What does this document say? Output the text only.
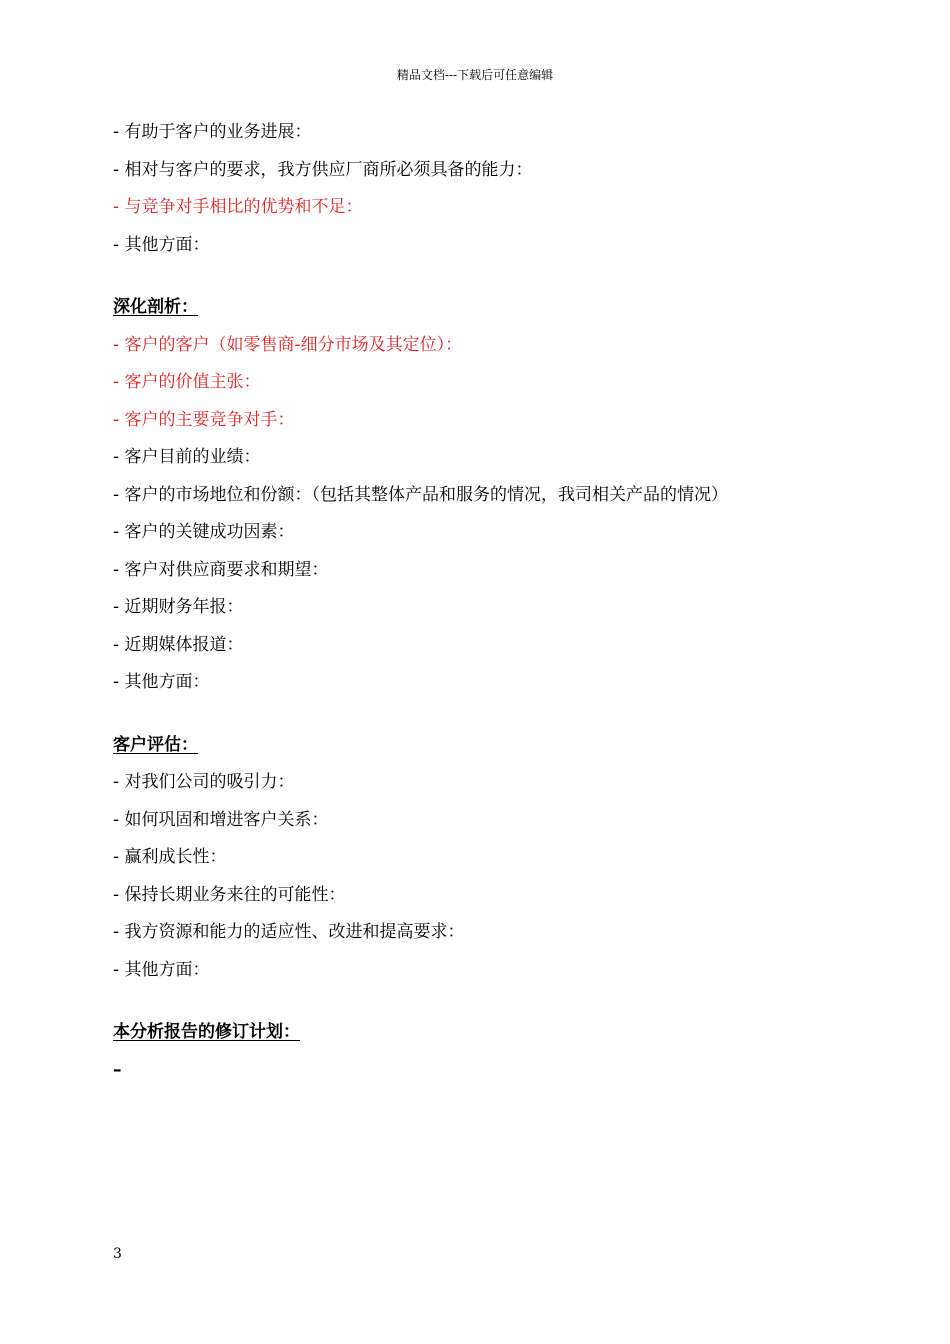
精品文档---下载后可任意编辑
- 有助于客户的业务进展：
- 相对与客户的要求，我方供应厂商所必须具备的能力：
- 与竞争对手相比的优势和不足：
- 其他方面：
深化剖析：
- 客户的客户（如零售商-细分市场及其定位）：
- 客户的价值主张：
- 客户的主要竞争对手：
- 客户目前的业绩：
- 客户的市场地位和份额：（包括其整体产品和服务的情况，我司相关产品的情况）
- 客户的关键成功因素：
- 客户对供应商要求和期望：
- 近期财务年报：
- 近期媒体报道：
- 其他方面：
客户评估：
- 对我们公司的吸引力：
- 如何巩固和增进客户关系：
- 赢利成长性：
- 保持长期业务来往的可能性：
- 我方资源和能力的适应性、改进和提高要求：
- 其他方面：
本分析报告的修订计划：
–
3
